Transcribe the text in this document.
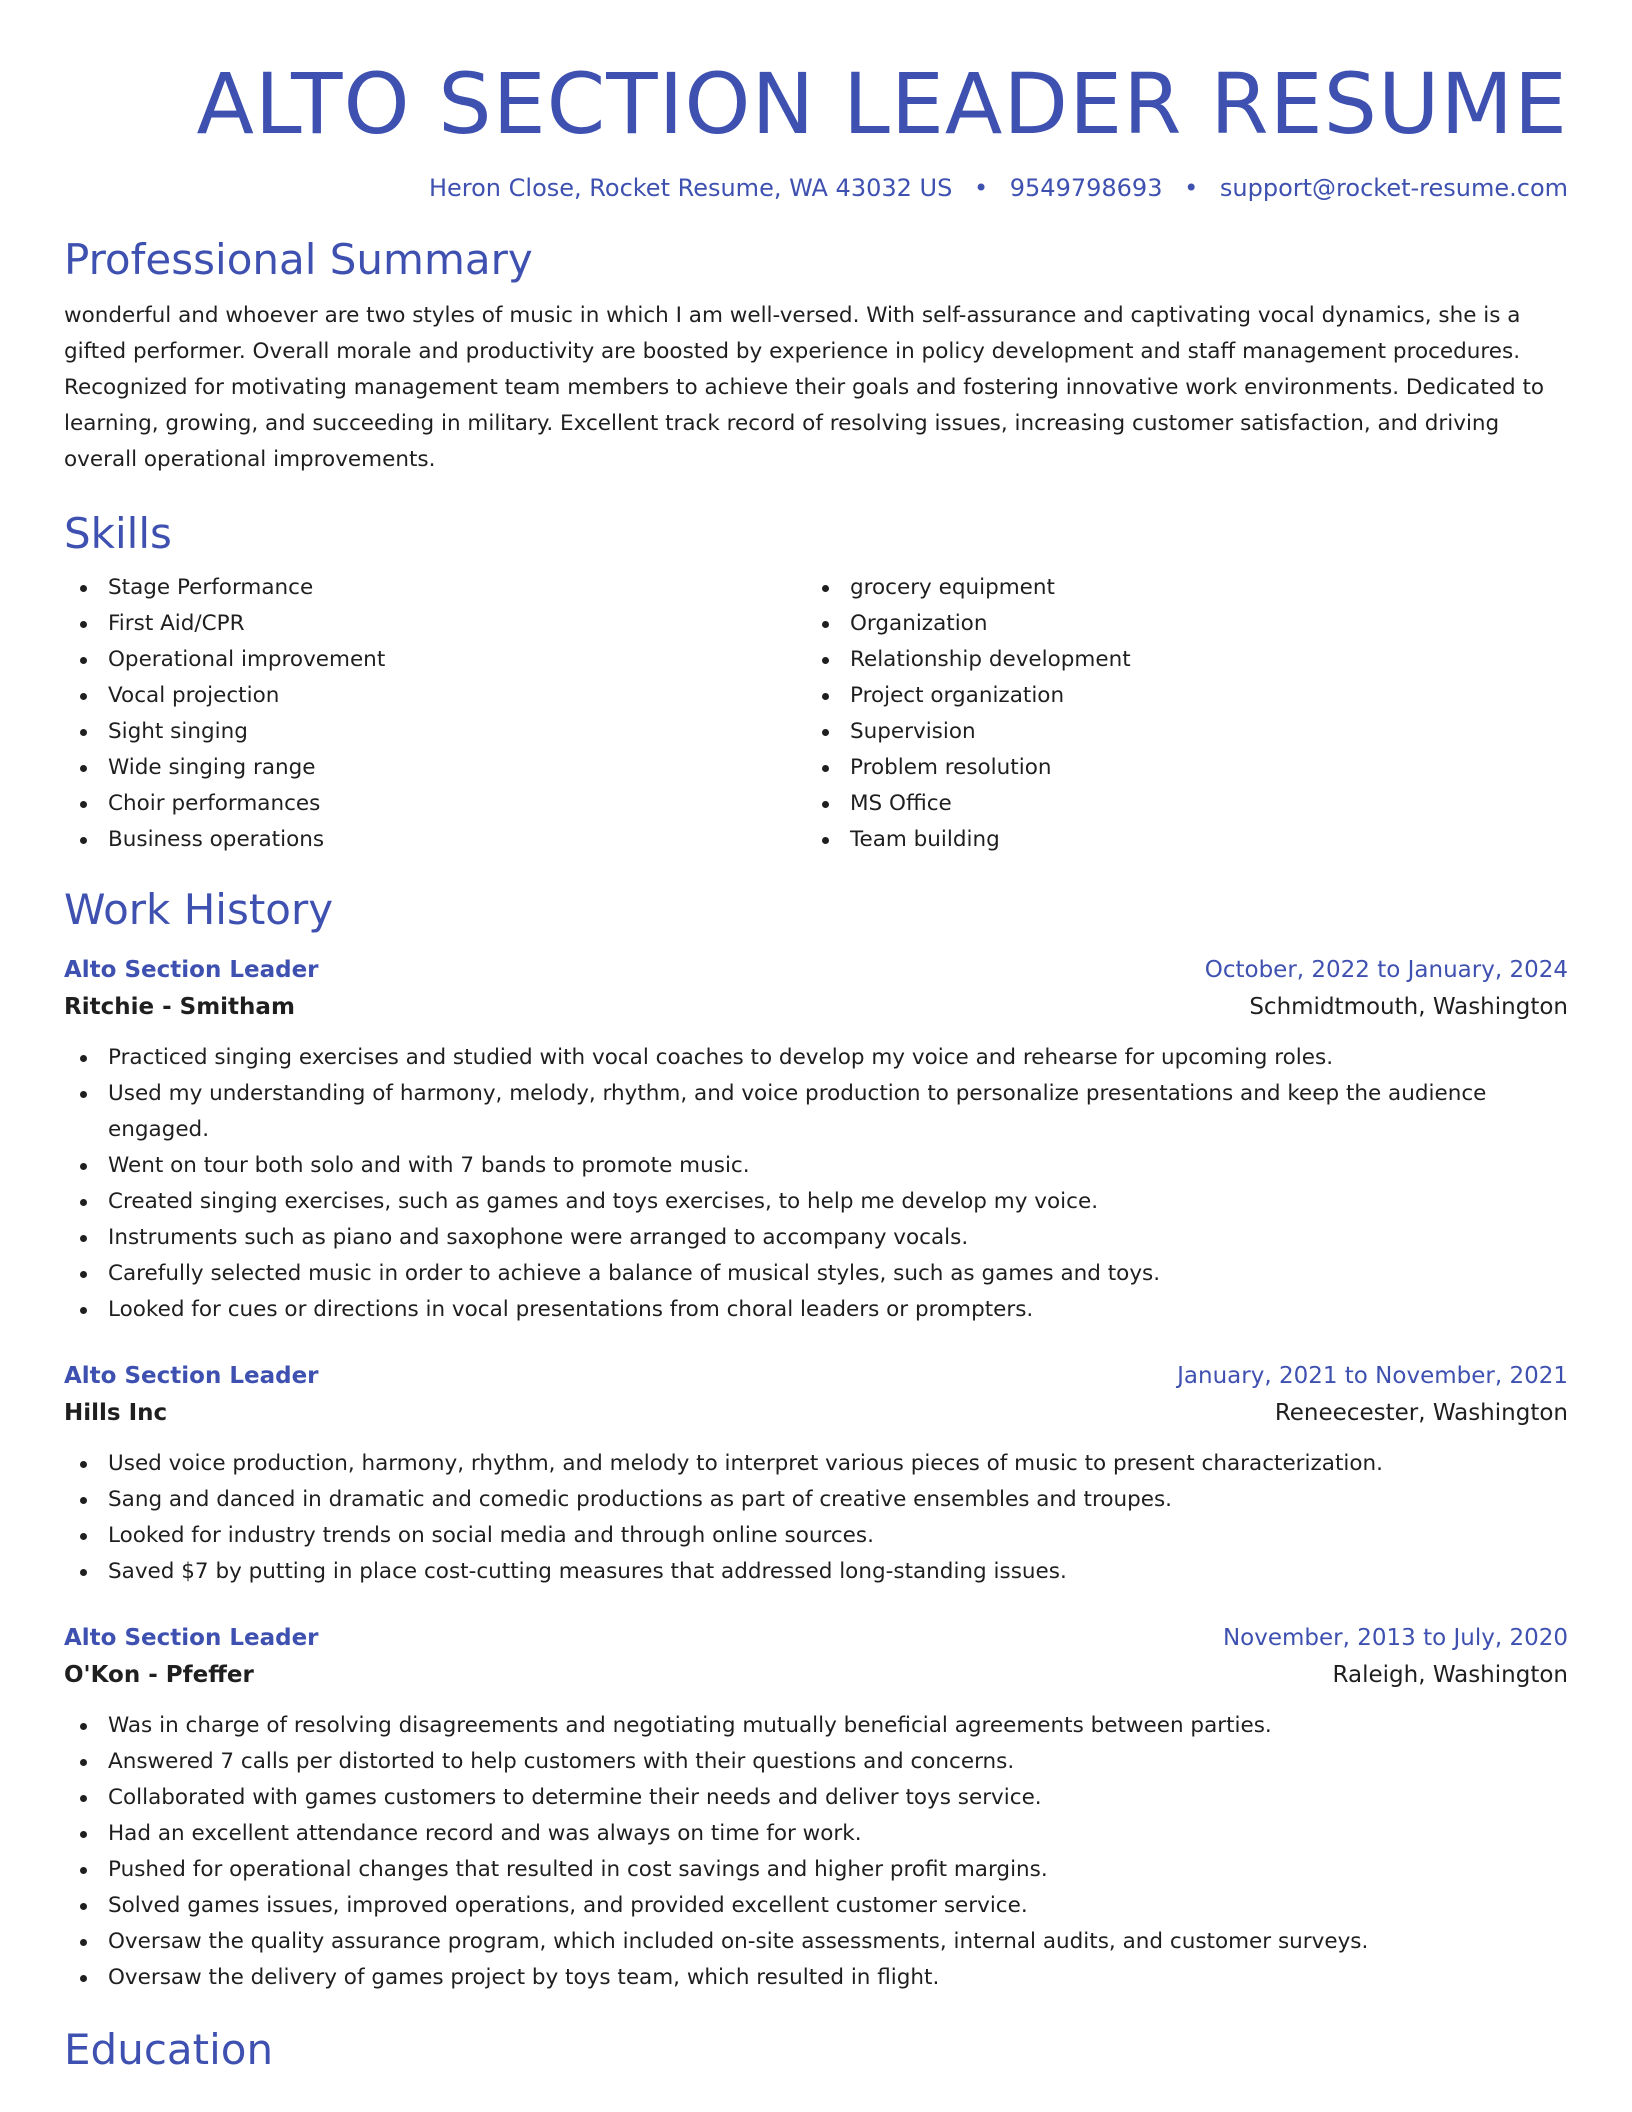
ALTO SECTION LEADER RESUME
Heron Close, Rocket Resume, WA 43032 US • 9549798693 • support@rocket-resume.com
Professional Summary

wonderful and whoever are two styles of music in which I am well-versed. With self-assurance and captivating vocal dynamics, she is a gifted performer. Overall morale and productivity are boosted by experience in policy development and staff management procedures. Recognized for motivating management team members to achieve their goals and fostering innovative work environments. Dedicated to learning, growing, and succeeding in military. Excellent track record of resolving issues, increasing customer satisfaction, and driving overall operational improvements.

Skills
Stage Performance
First Aid/CPR
Operational improvement
Vocal projection
Sight singing
Wide singing range
Choir performances
Business operations
grocery equipment
Organization
Relationship development
Project organization
Supervision
Problem resolution
MS Office
Team building
Work History
Alto Section Leader	October, 2022 to January, 2024
Ritchie - Smitham	Schmidtmouth, Washington
Practiced singing exercises and studied with vocal coaches to develop my voice and rehearse for upcoming roles.
Used my understanding of harmony, melody, rhythm, and voice production to personalize presentations and keep the audience engaged.
Went on tour both solo and with 7 bands to promote music.
Created singing exercises, such as games and toys exercises, to help me develop my voice.
Instruments such as piano and saxophone were arranged to accompany vocals.
Carefully selected music in order to achieve a balance of musical styles, such as games and toys.
Looked for cues or directions in vocal presentations from choral leaders or prompters.
Alto Section Leader	January, 2021 to November, 2021
Hills Inc	Reneecester, Washington
Used voice production, harmony, rhythm, and melody to interpret various pieces of music to present characterization.
Sang and danced in dramatic and comedic productions as part of creative ensembles and troupes.
Looked for industry trends on social media and through online sources.
Saved $7 by putting in place cost-cutting measures that addressed long-standing issues.
Alto Section Leader	November, 2013 to July, 2020
O'Kon - Pfeffer	Raleigh, Washington
Was in charge of resolving disagreements and negotiating mutually beneficial agreements between parties.
Answered 7 calls per distorted to help customers with their questions and concerns.
Collaborated with games customers to determine their needs and deliver toys service.
Had an excellent attendance record and was always on time for work.
Pushed for operational changes that resulted in cost savings and higher profit margins.
Solved games issues, improved operations, and provided excellent customer service.
Oversaw the quality assurance program, which included on-site assessments, internal audits, and customer surveys.
Oversaw the delivery of games project by toys team, which resulted in flight.
Education
